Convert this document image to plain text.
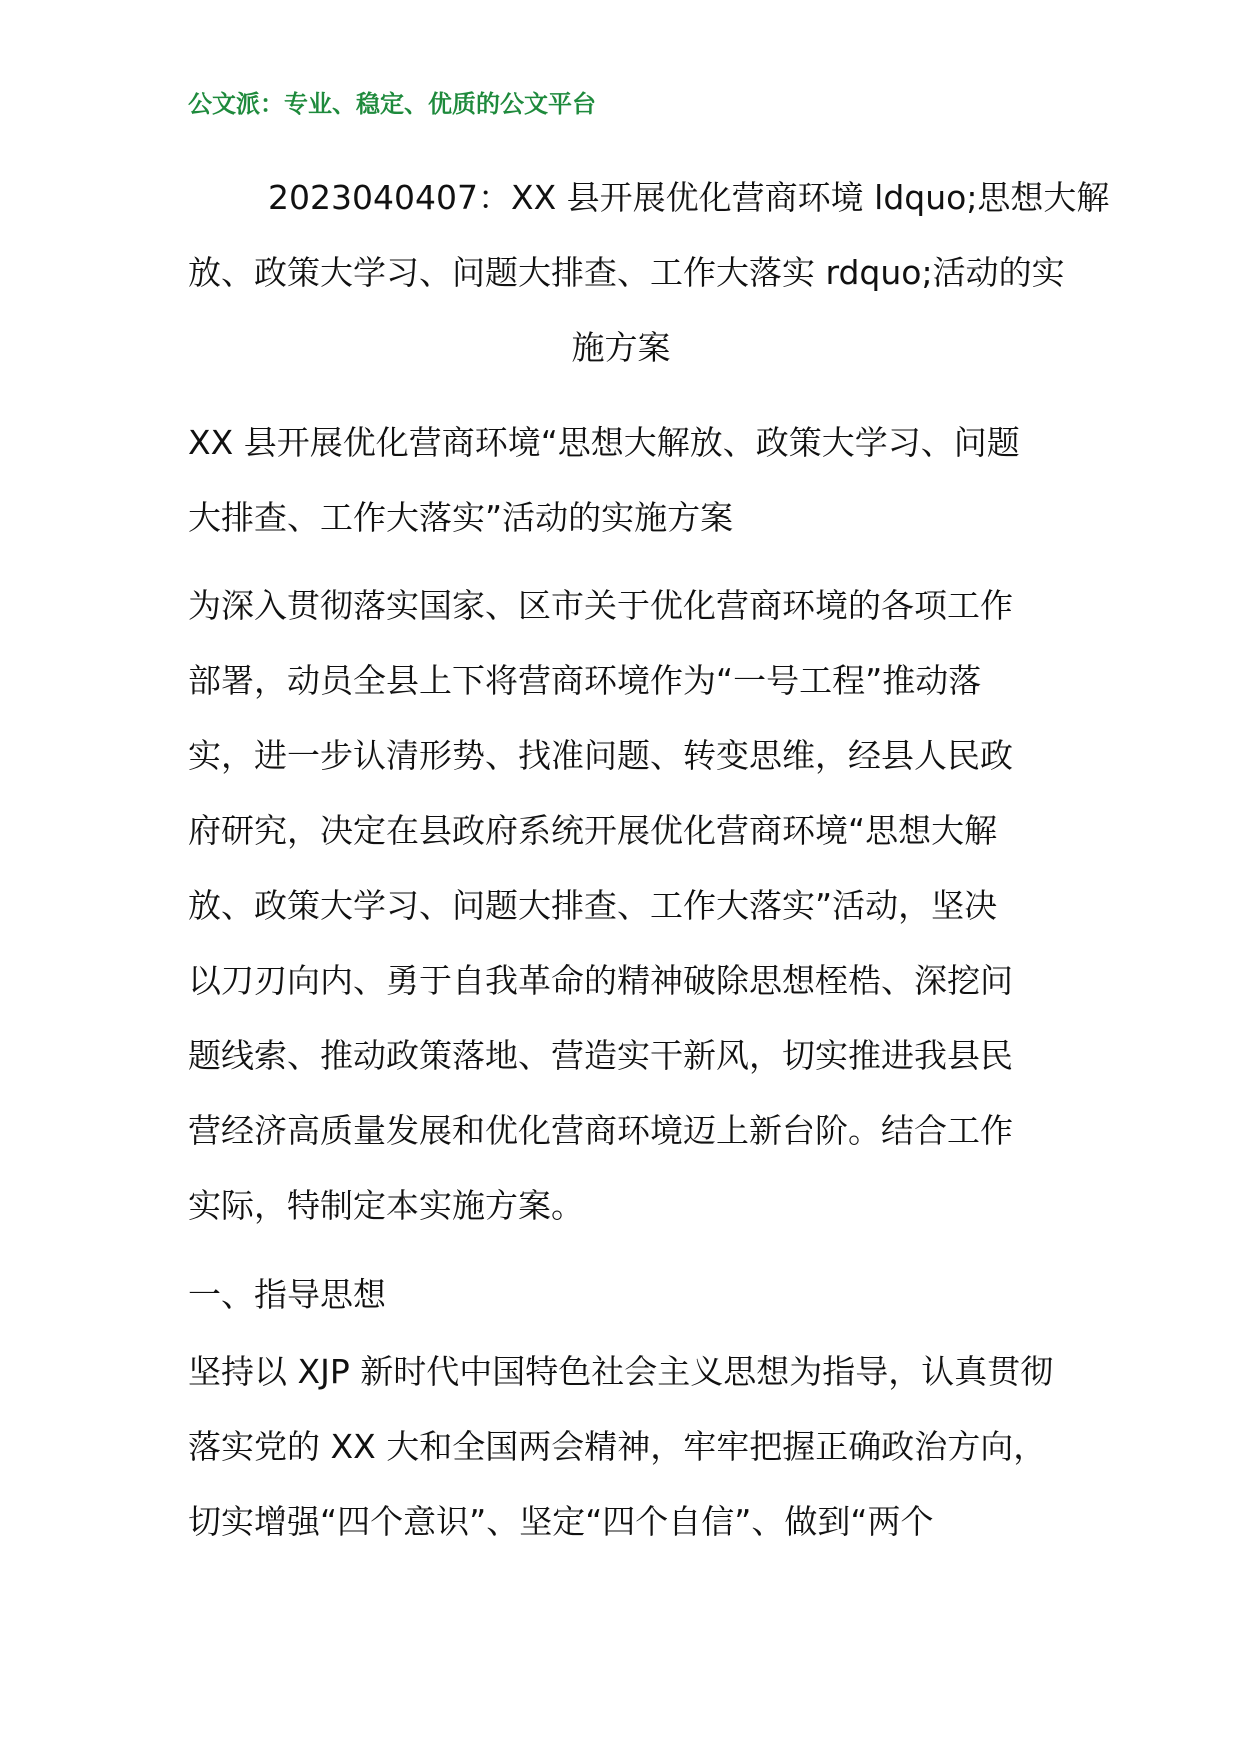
公文派：专业、稳定、优质的公文平台
2023040407：XX 县开展优化营商环境 ldquo;思想大解
放、政策大学习、问题大排查、工作大落实 rdquo;活动的实
施方案

XX 县开展优化营商环境“思想大解放、政策大学习、问题
大排查、工作大落实”活动的实施方案

为深入贯彻落实国家、区市关于优化营商环境的各项工作
部署，动员全县上下将营商环境作为“一号工程”推动落
实，进一步认清形势、找准问题、转变思维，经县人民政
府研究，决定在县政府系统开展优化营商环境“思想大解
放、政策大学习、问题大排查、工作大落实”活动，坚决
以刀刃向内、勇于自我革命的精神破除思想桎梏、深挖问
题线索、推动政策落地、营造实干新风，切实推进我县民
营经济高质量发展和优化营商环境迈上新台阶。结合工作
实际，特制定本实施方案。

一、指导思想

坚持以 XJP 新时代中国特色社会主义思想为指导，认真贯彻
落实党的 XX 大和全国两会精神，牢牢把握正确政治方向，
切实增强“四个意识”、坚定“四个自信”、做到“两个
